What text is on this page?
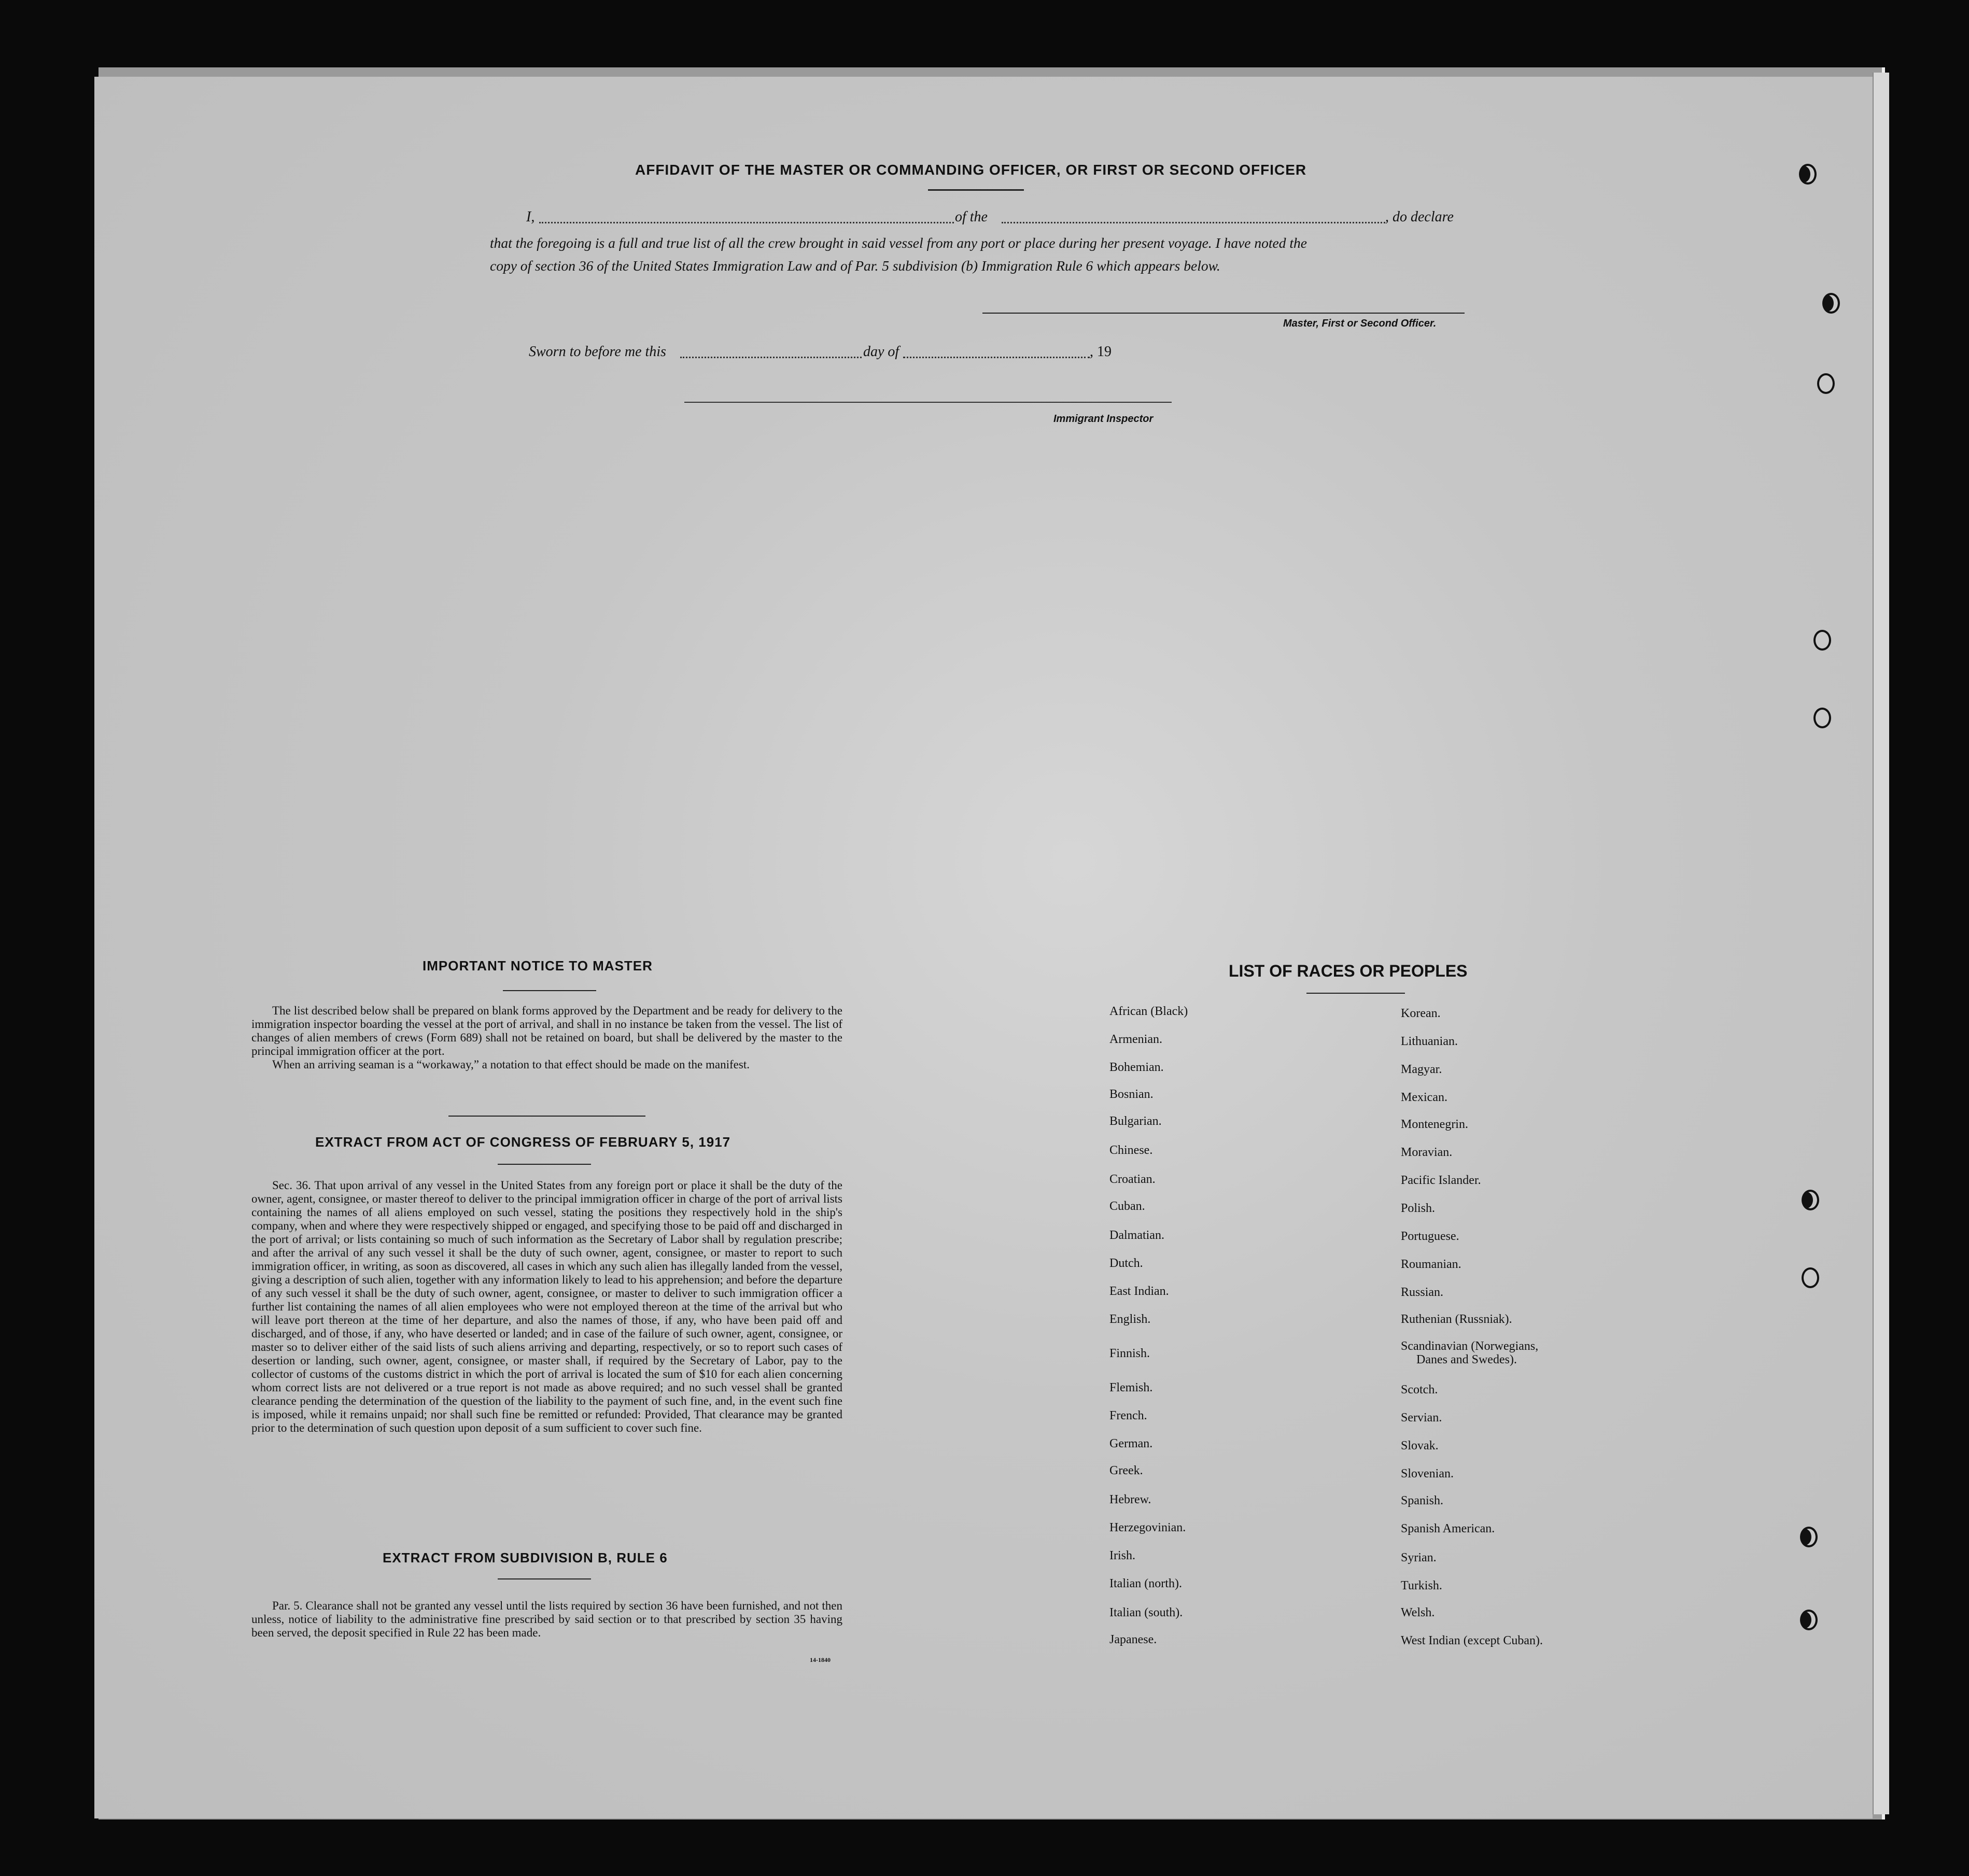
AFFIDAVIT OF THE MASTER OR COMMANDING OFFICER, OR FIRST OR SECOND OFFICER
I,	of the	, do declare
that the foregoing is a full and true list of all the crew brought in said vessel from any port or place during her present voyage. I have noted the
copy of section 36 of the United States Immigration Law and of Par. 5 subdivision (b) Immigration Rule 6 which appears below.
Master, First or Second Officer.
Sworn to before me this	day of	, 19
Immigrant Inspector
IMPORTANT NOTICE TO MASTER

The list described below shall be prepared on blank forms approved by the Department and be ready for delivery to the immigration inspector boarding the vessel at the port of arrival, and shall in no instance be taken from the vessel. The list of changes of alien members of crews (Form 689) shall not be retained on board, but shall be delivered by the master to the principal immigration officer at the port.

When an arriving seaman is a “workaway,” a notation to that effect should be made on the manifest.

EXTRACT FROM ACT OF CONGRESS OF FEBRUARY 5, 1917

Sec. 36. That upon arrival of any vessel in the United States from any foreign port or place it shall be the duty of the owner, agent, consignee, or master thereof to deliver to the principal immigration officer in charge of the port of arrival lists containing the names of all aliens employed on such vessel, stating the positions they respectively hold in the ship's company, when and where they were respectively shipped or engaged, and specifying those to be paid off and discharged in the port of arrival; or lists containing so much of such information as the Secretary of Labor shall by regulation prescribe; and after the arrival of any such vessel it shall be the duty of such owner, agent, consignee, or master to report to such immigration officer, in writing, as soon as discovered, all cases in which any such alien has illegally landed from the vessel, giving a description of such alien, together with any information likely to lead to his apprehension; and before the departure of any such vessel it shall be the duty of such owner, agent, consignee, or master to deliver to such immigration officer a further list containing the names of all alien employees who were not employed thereon at the time of the arrival but who will leave port thereon at the time of her departure, and also the names of those, if any, who have been paid off and discharged, and of those, if any, who have deserted or landed; and in case of the failure of such owner, agent, consignee, or master so to deliver either of the said lists of such aliens arriving and departing, respectively, or so to report such cases of desertion or landing, such owner, agent, consignee, or master shall, if required by the Secretary of Labor, pay to the collector of customs of the customs district in which the port of arrival is located the sum of $10 for each alien concerning whom correct lists are not delivered or a true report is not made as above required; and no such vessel shall be granted clearance pending the determination of the question of the liability to the payment of such fine, and, in the event such fine is imposed, while it remains unpaid; nor shall such fine be remitted or refunded: Provided, That clearance may be granted prior to the determination of such question upon deposit of a sum sufficient to cover such fine.

EXTRACT FROM SUBDIVISION B, RULE 6

Par. 5. Clearance shall not be granted any vessel until the lists required by section 36 have been furnished, and not then unless, notice of liability to the administrative fine prescribed by said section or to that prescribed by section 35 having been served, the deposit specified in Rule 22 has been made.

14-1840
LIST OF RACES OR PEOPLES
African (Black)
Armenian.
Bohemian.
Bosnian.
Bulgarian.
Chinese.
Croatian.
Cuban.
Dalmatian.
Dutch.
East Indian.
English.
Finnish.
Flemish.
French.
German.
Greek.
Hebrew.
Herzegovinian.
Irish.
Italian (north).
Italian (south).
Japanese.
Korean.
Lithuanian.
Magyar.
Mexican.
Montenegrin.
Moravian.
Pacific Islander.
Polish.
Portuguese.
Roumanian.
Russian.
Ruthenian (Russniak).
Scandinavian (Norwegians,
Danes and Swedes).
Scotch.
Servian.
Slovak.
Slovenian.
Spanish.
Spanish American.
Syrian.
Turkish.
Welsh.
West Indian (except Cuban).
